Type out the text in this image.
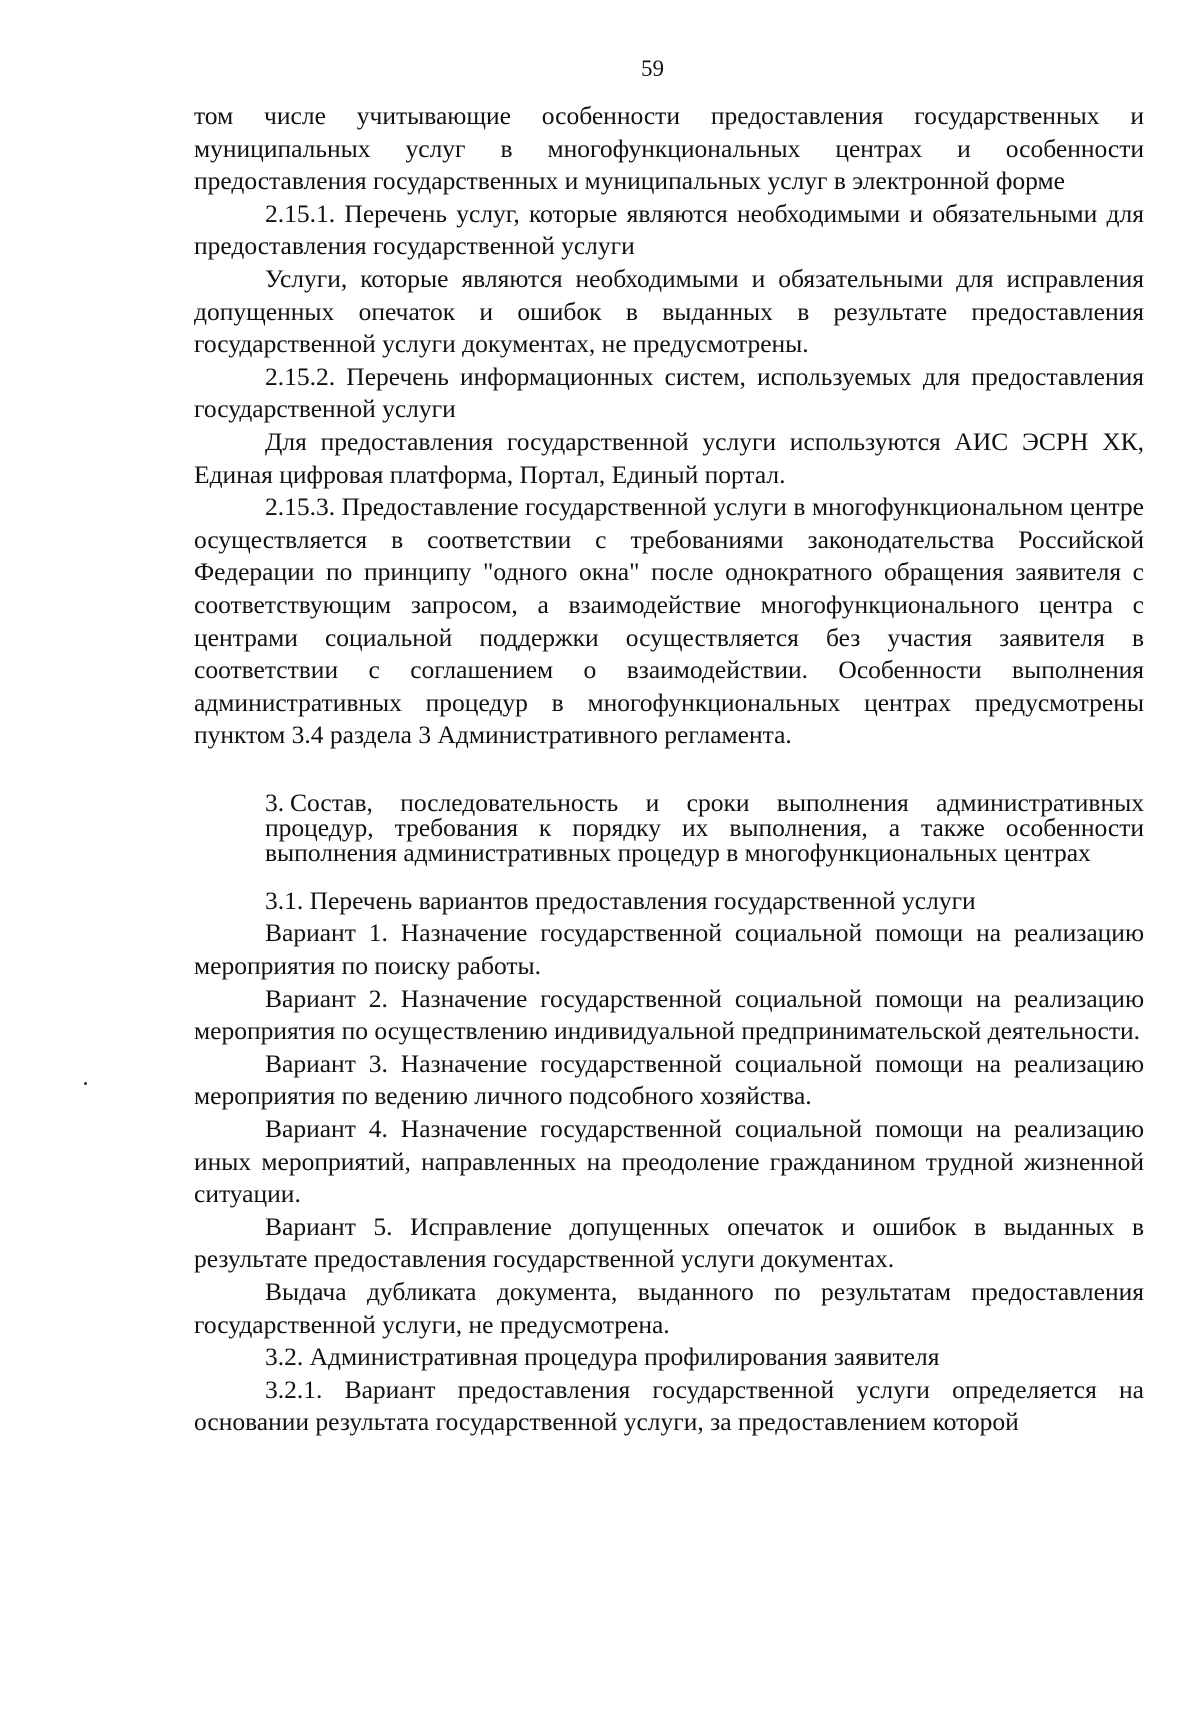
59

том числе учитывающие особенности предоставления государственных и муниципальных услуг в многофункциональных центрах и особенности предоставления государственных и муниципальных услуг в электронной форме

2.15.1. Перечень услуг, которые являются необходимыми и обязательными для предоставления государственной услуги

Услуги, которые являются необходимыми и обязательными для исправления допущенных опечаток и ошибок в выданных в результате предоставления государственной услуги документах, не предусмотрены.

2.15.2. Перечень информационных систем, используемых для предоставления государственной услуги

Для предоставления государственной услуги используются АИС ЭСРН ХК, Единая цифровая платформа, Портал, Единый портал.

2.15.3. Предоставление государственной услуги в многофункциональном центре осуществляется в соответствии с требованиями законодательства Российской Федерации по принципу "одного окна" после однократного обращения заявителя с соответствующим запросом, а взаимодействие многофункционального центра с центрами социальной поддержки осуществляется без участия заявителя в соответствии с соглашением о взаимодействии. Особенности выполнения административных процедур в многофункциональных центрах предусмотрены пунктом 3.4 раздела 3 Административного регламента.

3. Состав, последовательность и сроки выполнения административных процедур, требования к порядку их выполнения, а также особенности выполнения административных процедур в многофункциональных центрах

3.1. Перечень вариантов предоставления государственной услуги

Вариант 1. Назначение государственной социальной помощи на реализацию мероприятия по поиску работы.

Вариант 2. Назначение государственной социальной помощи на реализацию мероприятия по осуществлению индивидуальной предпринимательской деятельности.

Вариант 3. Назначение государственной социальной помощи на реализацию мероприятия по ведению личного подсобного хозяйства.

Вариант 4. Назначение государственной социальной помощи на реализацию иных мероприятий, направленных на преодоление гражданином трудной жизненной ситуации.

Вариант 5. Исправление допущенных опечаток и ошибок в выданных в результате предоставления государственной услуги документах.

Выдача дубликата документа, выданного по результатам предоставления государственной услуги, не предусмотрена.

3.2. Административная процедура профилирования заявителя

3.2.1. Вариант предоставления государственной услуги определяется на основании результата государственной услуги, за предоставлением которой
